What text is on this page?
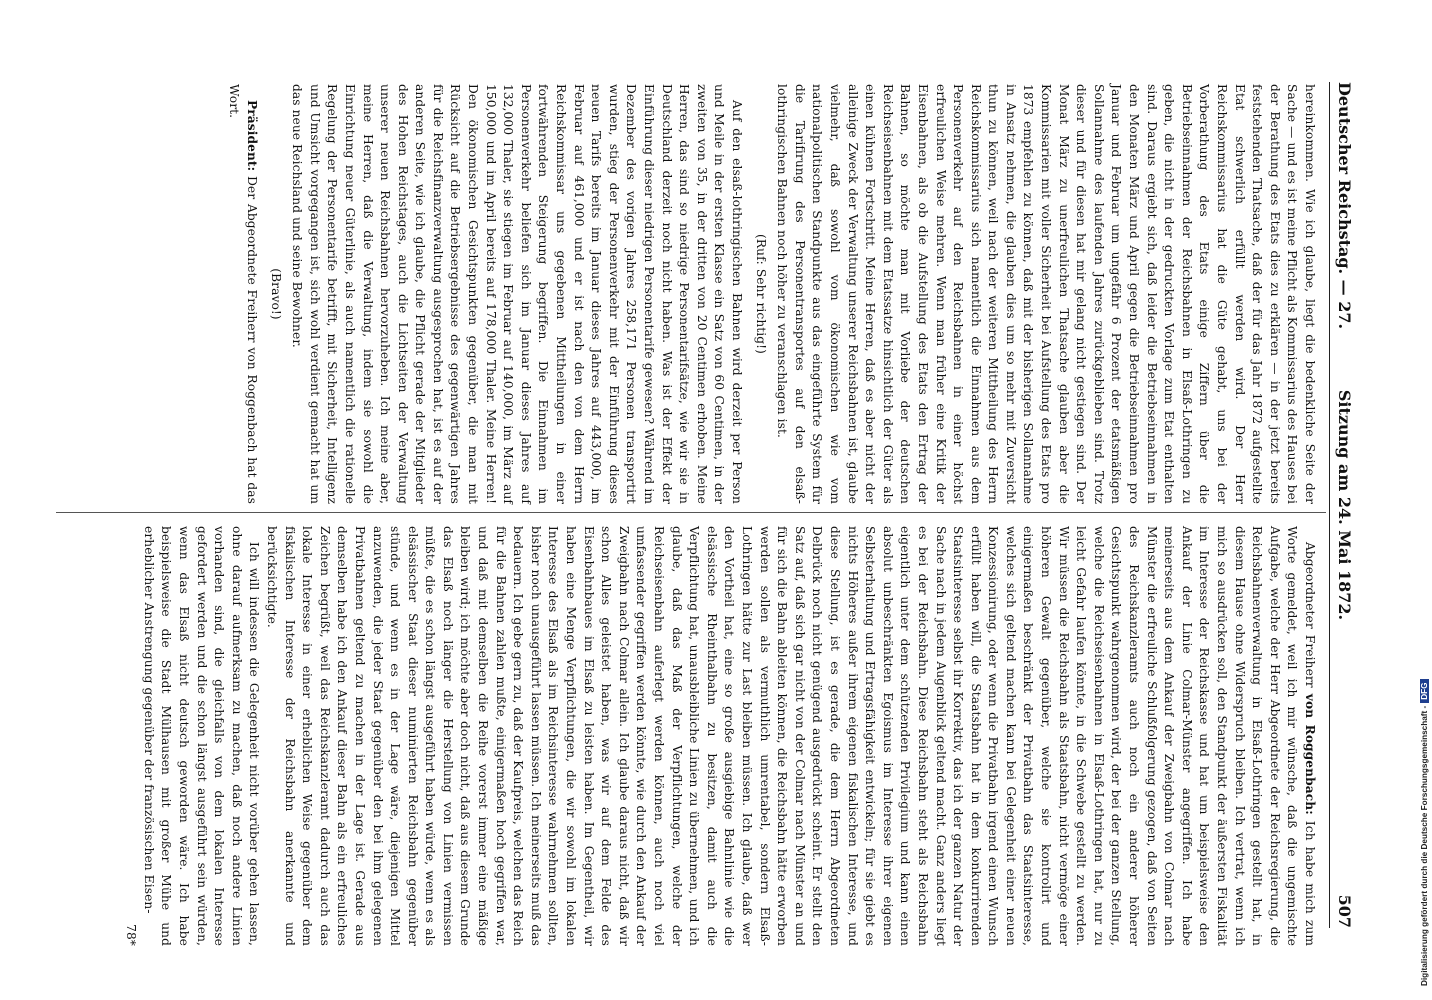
Deutscher Reichstag. — 27.
Sitzung am 24. Mai 1872.
507

hereinkommen. Wie ich glaube, liegt die bedenkliche Seite der Sache — und es ist meine Pflicht als Kommissarius des Hauses bei der Berathung des Etats dies zu erklären — in der jetzt bereits feststehenden Thatsache, daß der für das Jahr 1872 aufgestellte Etat schwerlich erfüllt werden wird. Der Herr Reichskommissarius hat die Güte gehabt, uns bei der Vorberathung des Etats einige Ziffern über die Betriebseinnahmen der Reichsbahnen in Elsaß-Lothringen zu geben, die nicht in der gedruckten Vorlage zum Etat enthalten sind. Daraus ergiebt sich, daß leider die Betriebseinnahmen in den Monaten März und April gegen die Betriebseinnahmen pro Januar und Februar um ungefähr 6 Prozent der etatsmäßigen Sollannahme des laufenden Jahres zurückgeblieben sind. Trotz dieser und für diesen hat mir gelang nicht gestiegen sind. Der Monat März zu unerfreulichen Thatsache glauben aber die Kommissarien mit voller Sicherheit bei Aufstellung des Etats pro 1873 empfehlen zu können, daß mit der bisherigen Sollannahme in Ansatz nehmen, die glauben dies um so mehr mit Zuversicht thun zu können, weil nach der weiteren Mittheilung des Herrn Reichskommissarius sich namentlich die Einnahmen aus dem Personenverkehr auf den Reichsbahnen in einer höchst erfreulichen Weise mehren. Wenn man früher eine Kritik der Eisenbahnen, als ob die Aufstellung des Etats den Ertrag der Bahnen, so möchte man mit Vorliebe der deutschen Reichseisenbahnen mit dem Etatssatze hinsichtlich der Güter als einen kühnen Fortschritt. Meine Herren, daß es aber nicht der alleinige Zweck der Verwaltung unserer Reichsbahnen ist, glaube vielmehr, daß sowohl vom ökonomischen wie vom nationalpolitischen Standpunkte aus das eingeführte System für die Tarifirung des Personentransportes auf den elsaß-lothringischen Bahnen noch höher zu veranschlagen ist.

(Ruf: Sehr richtig!)

Auf den elsaß-lothringischen Bahnen wird derzeit per Person und Meile in der ersten Klasse ein Satz von 60 Centimen, in der zweiten von 35, in der dritten von 20 Centimen erhoben. Meine Herren, das sind so niedrige Personentarifsätze, wie wir sie in Deutschland derzeit noch nicht haben. Was ist der Effekt der Einführung dieser niedrigen Personentarife gewesen? Während im Dezember des vorigen Jahres 258,171 Personen transportirt wurden, stieg der Personenverkehr mit der Einführung dieses neuen Tarifs bereits im Januar dieses Jahres auf 443,000, im Februar auf 461,000 und er ist nach den von dem Herrn Reichskommissar uns gegebenen Mittheilungen in einer fortwährenden Steigerung begriffen. Die Einnahmen im Personenverkehr beliefen sich im Januar dieses Jahres auf 132,000 Thaler, sie stiegen im Februar auf 140,000, im März auf 150,000 und im April bereits auf 178,000 Thaler. Meine Herren! Den ökonomischen Gesichtspunkten gegenüber, die man mit Rücksicht auf die Betriebsergebnisse des gegenwärtigen Jahres für die Reichsfinanzverwaltung ausgesprochen hat, ist es auf der anderen Seite, wie ich glaube, die Pflicht gerade der Mitglieder des Hohen Reichstages, auch die Lichtseiten der Verwaltung unserer neuen Reichsbahnen hervorzuheben. Ich meine aber, meine Herren, daß die Verwaltung, indem sie sowohl die Einrichtung neuer Güterlinie, als auch namentlich die rationelle Regelung der Personentarife betrifft, mit Sicherheit, Intelligenz und Umsicht vorgegangen ist, sich wohl verdient gemacht hat um das neue Reichsland und seine Bewohner.

(Bravo!)

Präsident: Der Abgeordnete Freiherr von Roggenbach hat das Wort.

Abgeordneter Freiherr von Roggenbach: Ich habe mich zum Worte gemeldet, weil ich mir wünsche, daß die ungemischte Aufgabe, welche der Herr Abgeordnete der Reichsregierung, die Reichsbahnenverwaltung in Elsaß-Lothringen gestellt hat, in diesem Hause ohne Widerspruch bleiben. Ich vertrat, wenn ich mich so ausdrücken soll, den Standpunkt der äußersten Fiskalität im Interesse der Reichskasse und hat um beispielsweise den Ankauf der Linie Colmar-Münster angegriffen. Ich habe meinerseits aus dem Ankauf der Zweigbahn von Colmar nach Münster die erfreuliche Schlußfolgerung gezogen, daß von Seiten des Reichskanzleramts auch noch ein anderer höherer Gesichtspunkt wahrgenommen wird, der bei der ganzen Stellung, welche die Reichseisenbahnen in Elsaß-Lothringen hat, nur zu leicht Gefahr laufen könnte, in die Schwebe gestellt zu werden. Wir müssen die Reichsbahn als Staatsbahn, nicht vermöge einer höheren Gewalt gegenüber, welche sie kontrolirt und einigermaßen beschränkt der Privatbahn das Staatsinteresse, welches sich geltend machen kann bei Gelegenheit einer neuen Konzessionirung, oder wenn die Privatbahn irgend einen Wunsch erfüllt haben will, die Staatsbahn hat in dem konkurrirenden Staatsinteresse selbst ihr Korrektiv, das ich der ganzen Natur der Sache nach in jedem Augenblick geltend macht. Ganz anders liegt es bei der Reichsbahn. Diese Reichsbahn steht als Reichsbahn eigentlich unter dem schützenden Privilegium und kann einen absolut unbeschränkten Egoismus im Interesse ihrer eigenen Selbsterhaltung und Ertragsfähigkeit entwickeln; für sie giebt es nichts Höheres außer ihrem eigenen fiskalischen Interesse, und diese Stellung, ist es gerade, die dem Herrn Abgeordneten Delbrück noch nicht genügend ausgedrückt scheint. Er stellt den Satz auf, daß sich gar nicht von der Colmar nach Münster an und für sich die Bahn ableiten können, die Reichsbahn hätte erworben werden sollen als vermuthlich umrentabel, sondern Elsaß-Lothringen hätte zur Last bleiben müssen. Ich glaube, daß wer den Vortheil hat, eine so große ausgiebige Bahnlinie wie die elsässische Rheinthalbahn zu besitzen, damit auch die Verpflichtung hat, unausbleibliche Linien zu übernehmen, und ich glaube, daß das Maß der Verpflichtungen, welche der Reichseisenbahn auferlegt werden können, auch noch viel umfassender gegriffen werden könnte, wie durch den Ankauf der Zweigbahn nach Colmar allein. Ich glaube daraus nicht, daß wir schon Alles geleistet haben, was wir auf dem Felde des Eisenbahnbaues im Elsaß zu leisten haben. Im Gegentheil, wir haben eine Menge Verpflichtungen, die wir sowohl im lokalen Interesse des Elsaß als im Reichsinteresse wahrnehmen sollten, bisher noch unausgeführt lassen müssen. Ich meinerseits muß das bedauern. Ich gebe gern zu, daß der Kaufpreis, welchen das Reich für die Bahnen zahlen mußte, einigermaßen hoch gegriffen war, und daß mit demselben die Reihe vorerst immer eine mäßige bleiben wird; ich möchte aber doch nicht, daß aus diesem Grunde das Elsaß noch länger die Herstellung von Linien vermissen müßte, die es schon längst ausgeführt haben würde, wenn es als elsässischer Staat dieser numinierten Reichsbahn gegenüber stünde, und wenn es in der Lage wäre, diejenigen Mittel anzuwenden, die jeder Staat gegenüber den bei ihm gelegenen Privatbahnen geltend zu machen in der Lage ist. Gerade aus demselben habe ich den Ankauf dieser Bahn als ein erfreuliches Zeichen begrüßt, weil das Reichskanzleramt dadurch auch das lokale Interesse in einer erheblichen Weise gegenüber dem fiskalischen Interesse der Reichsbahn anerkannte und berücksichtigte.

Ich will indessen die Gelegenheit nicht vorüber gehen lassen, ohne darauf aufmerksam zu machen, daß noch andere Linien vorhanden sind, die gleichfalls von dem lokalen Interesse gefordert werden und die schon längst ausgeführt sein würden, wenn das Elsaß nicht deutsch geworden wäre. Ich habe beispielsweise die Stadt Mülhausen mit großer Mühe und erheblicher Anstrengung gegenüber der französischen Eisen-

78*	Digitalisierung gefördert durch die Deutsche Forschungsgemeinschaft -DFG
